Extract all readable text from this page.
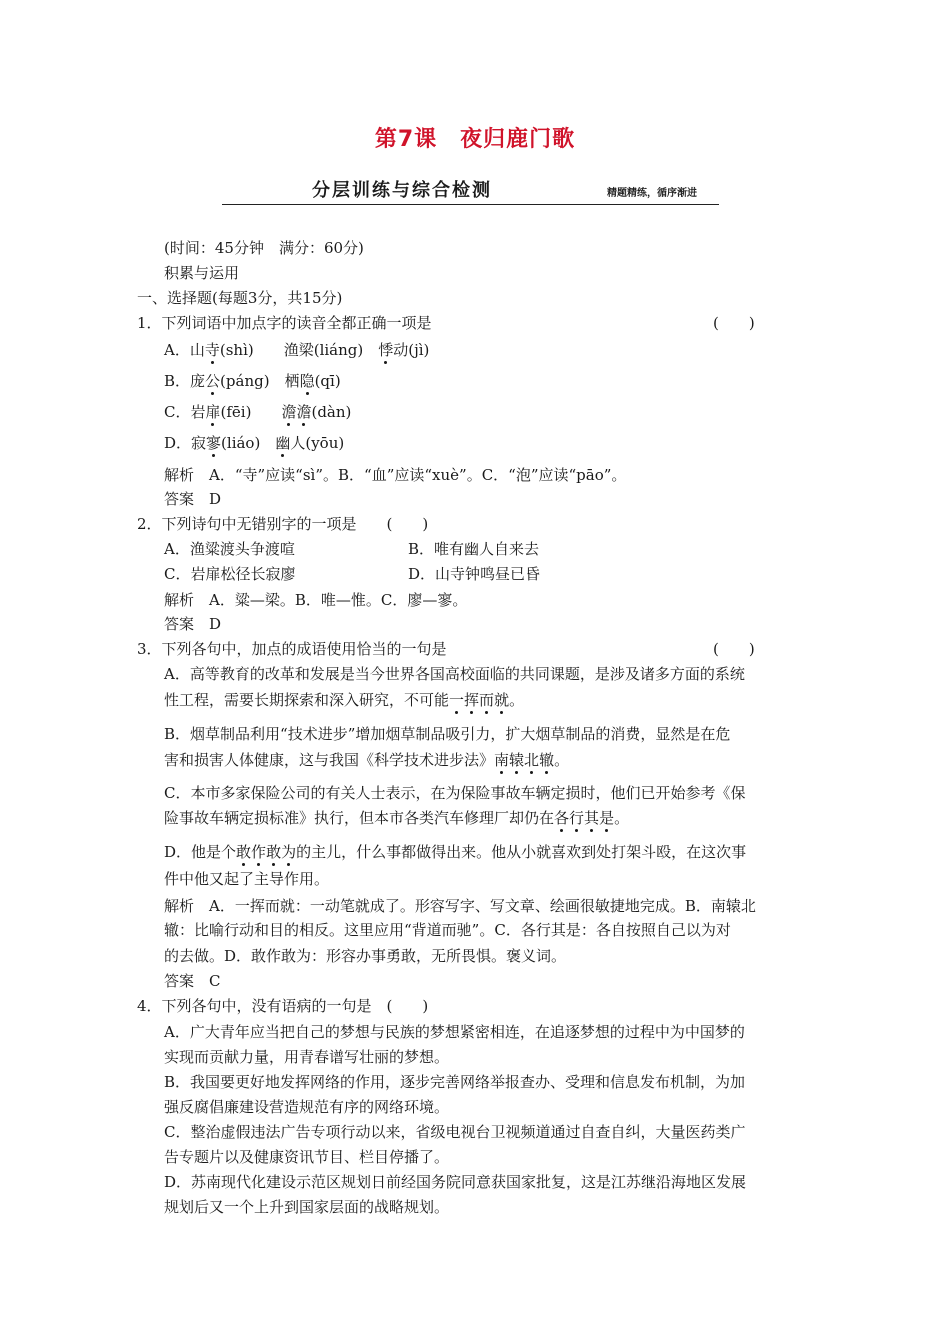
第7课　夜归鹿门歌
分层训练与综合检测	精题精练，循序渐进
(时间：45分钟　满分：60分)
积累与运用
一、选择题(每题3分，共15分)
1．下列词语中加点字的读音全都正确一项是	(　　)
A．山寺(shì)　　渔梁(liáng)　悸动(jì)
B．庞公(páng)　栖隐(qī)　　
C．岩扉(fēi)　　澹澹(dàn)　
D．寂寥(liáo)　幽人(yōu)　
解析　A．“寺”应读“sì”。B．“血”应读“xuè”。C．“泡”应读“pāo”。
答案　D
2．下列诗句中无错别字的一项是　　(　　)
A．渔粱渡头争渡喧	B．唯有幽人自来去
C．岩扉松径长寂廖	D．山寺钟鸣昼已昏
解析　A．粱—梁。B．唯—惟。C．廖—寥。
答案　D
3．下列各句中，加点的成语使用恰当的一句是	(　　)
A．高等教育的改革和发展是当今世界各国高校面临的共同课题，是涉及诸多方面的系统
性工程，需要长期探索和深入研究，不可能一挥而就。
B．烟草制品利用“技术进步”增加烟草制品吸引力，扩大烟草制品的消费，显然是在危
害和损害人体健康，这与我国《科学技术进步法》南辕北辙。
C．本市多家保险公司的有关人士表示，在为保险事故车辆定损时，他们已开始参考《保
险事故车辆定损标准》执行，但本市各类汽车修理厂却仍在各行其是。
D．他是个敢作敢为的主儿，什么事都做得出来。他从小就喜欢到处打架斗殴，在这次事
件中他又起了主导作用。
解析　A．一挥而就：一动笔就成了。形容写字、写文章、绘画很敏捷地完成。B．南辕北
辙：比喻行动和目的相反。这里应用“背道而驰”。C．各行其是：各自按照自己以为对
的去做。D．敢作敢为：形容办事勇敢，无所畏惧。褒义词。
答案　C
4．下列各句中，没有语病的一句是　(　　)
A．广大青年应当把自己的梦想与民族的梦想紧密相连，在追逐梦想的过程中为中国梦的
实现而贡献力量，用青春谱写壮丽的梦想。
B．我国要更好地发挥网络的作用，逐步完善网络举报查办、受理和信息发布机制，为加
强反腐倡廉建设营造规范有序的网络环境。
C．整治虚假违法广告专项行动以来，省级电视台卫视频道通过自查自纠，大量医药类广
告专题片以及健康资讯节目、栏目停播了。
D．苏南现代化建设示范区规划日前经国务院同意获国家批复，这是江苏继沿海地区发展
规划后又一个上升到国家层面的战略规划。
